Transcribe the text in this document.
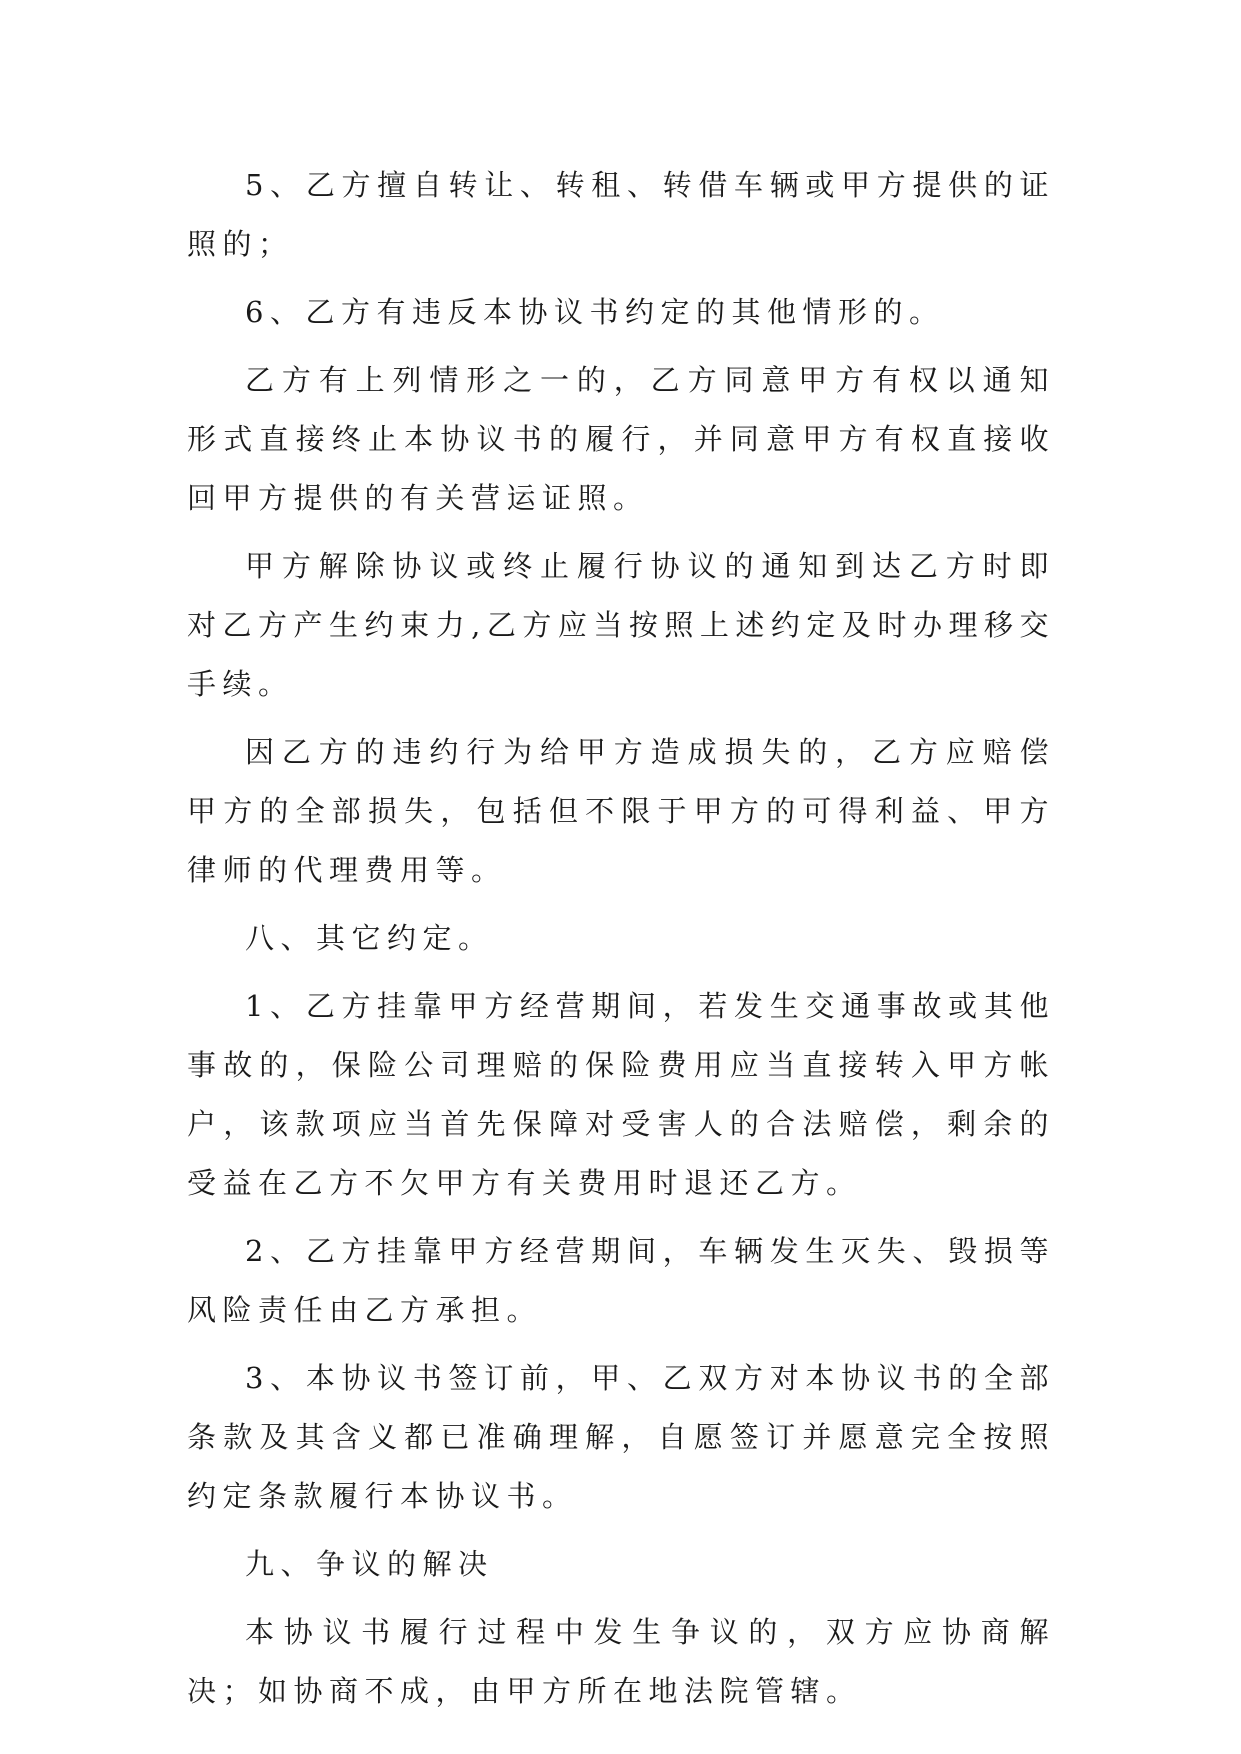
5、乙方擅自转让、转租、转借车辆或甲方提供的证照的；

6、乙方有违反本协议书约定的其他情形的。

乙方有上列情形之一的，乙方同意甲方有权以通知形式直接终止本协议书的履行，并同意甲方有权直接收回甲方提供的有关营运证照。

甲方解除协议或终止履行协议的通知到达乙方时即对乙方产生约束力,乙方应当按照上述约定及时办理移交手续。

因乙方的违约行为给甲方造成损失的，乙方应赔偿甲方的全部损失，包括但不限于甲方的可得利益、甲方律师的代理费用等。

八、其它约定。

1、乙方挂靠甲方经营期间，若发生交通事故或其他事故的，保险公司理赔的保险费用应当直接转入甲方帐户，该款项应当首先保障对受害人的合法赔偿，剩余的受益在乙方不欠甲方有关费用时退还乙方。

2、乙方挂靠甲方经营期间，车辆发生灭失、毁损等风险责任由乙方承担。

3、本协议书签订前，甲、乙双方对本协议书的全部条款及其含义都已准确理解，自愿签订并愿意完全按照约定条款履行本协议书。

九、争议的解决

本协议书履行过程中发生争议的，双方应协商解决；如协商不成，由甲方所在地法院管辖。
